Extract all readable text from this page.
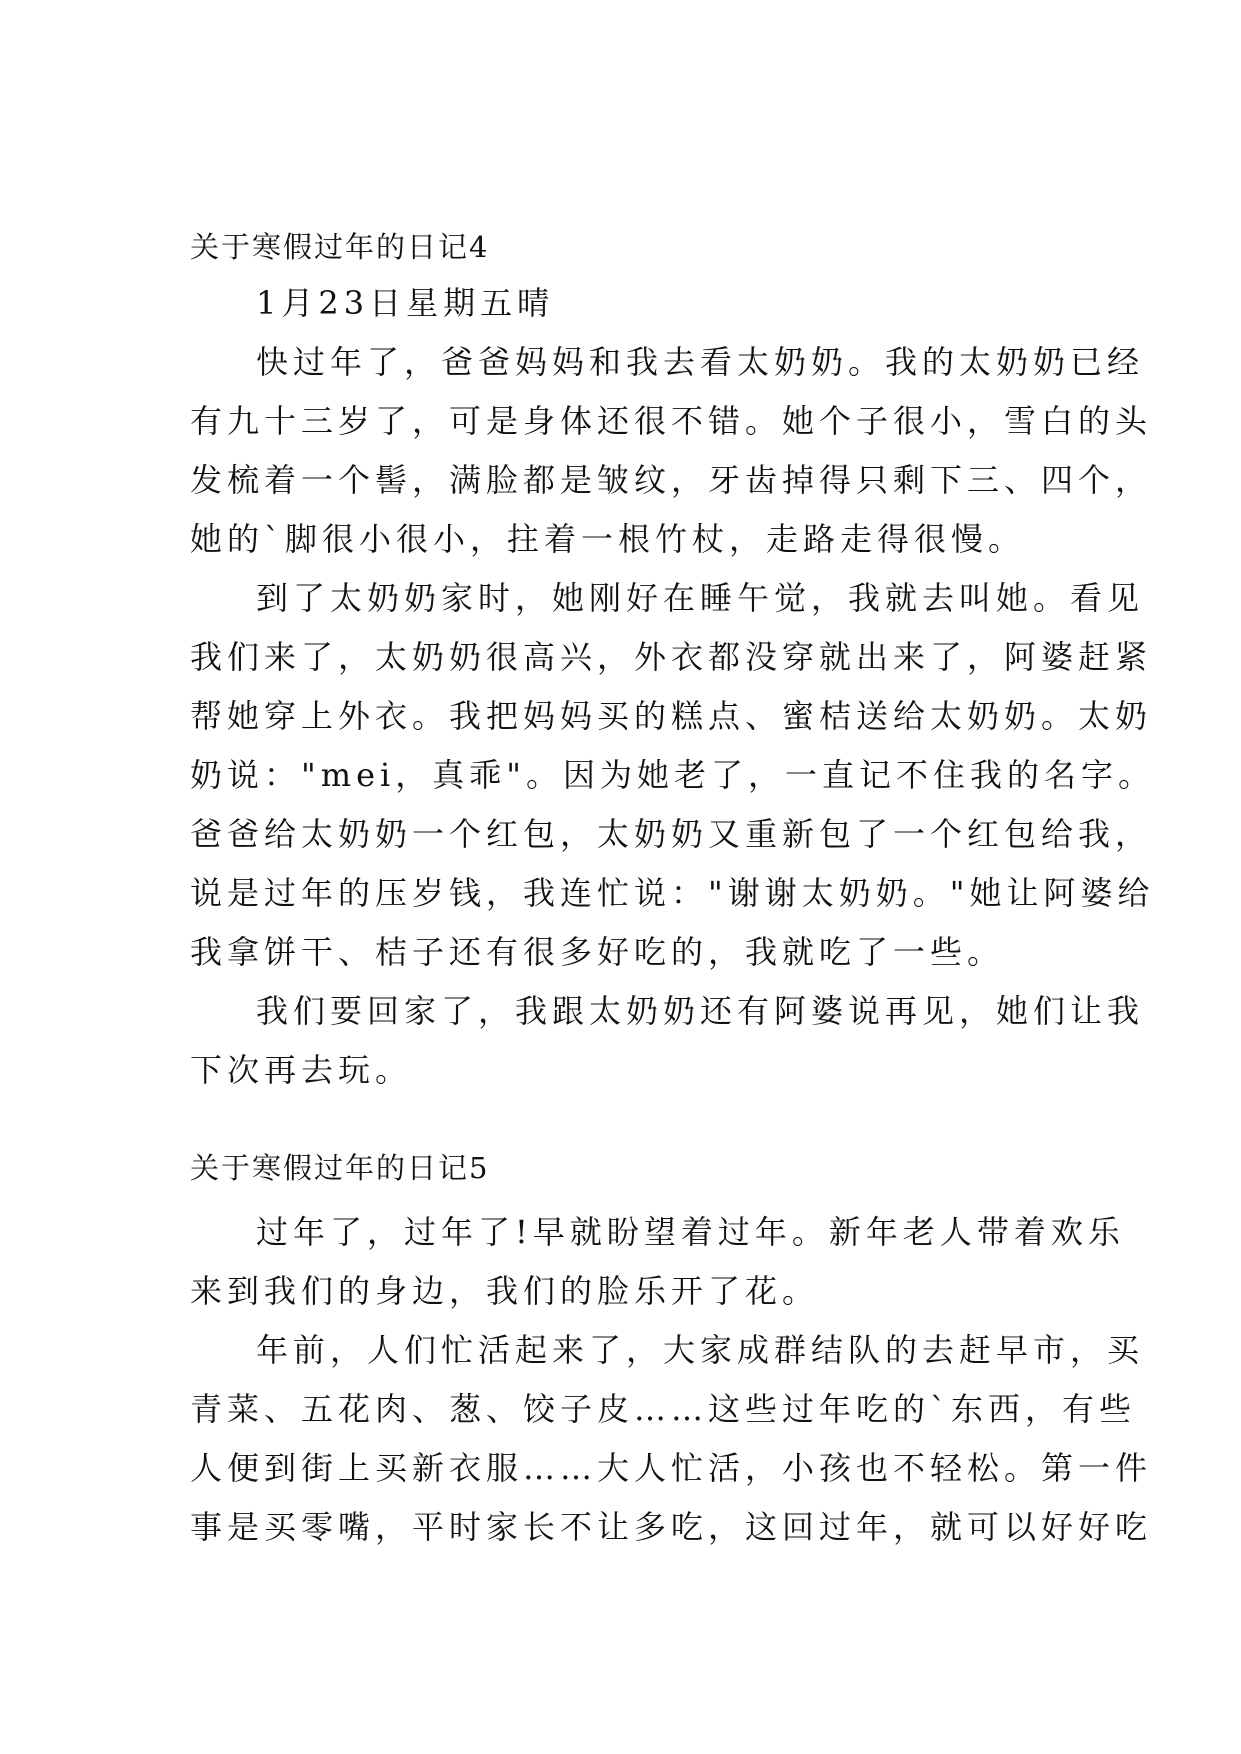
关于寒假过年的日记4
1月23日星期五晴
快过年了，爸爸妈妈和我去看太奶奶。我的太奶奶已经
有九十三岁了，可是身体还很不错。她个子很小，雪白的头
发梳着一个髻，满脸都是皱纹，牙齿掉得只剩下三、四个，
她的`脚很小很小，拄着一根竹杖，走路走得很慢。
到了太奶奶家时，她刚好在睡午觉，我就去叫她。看见
我们来了，太奶奶很高兴，外衣都没穿就出来了，阿婆赶紧
帮她穿上外衣。我把妈妈买的糕点、蜜桔送给太奶奶。太奶
奶说："mei，真乖"。因为她老了，一直记不住我的名字。
爸爸给太奶奶一个红包，太奶奶又重新包了一个红包给我，
说是过年的压岁钱，我连忙说："谢谢太奶奶。"她让阿婆给
我拿饼干、桔子还有很多好吃的，我就吃了一些。
我们要回家了，我跟太奶奶还有阿婆说再见，她们让我
下次再去玩。
关于寒假过年的日记5
过年了，过年了!早就盼望着过年。新年老人带着欢乐
来到我们的身边，我们的脸乐开了花。
年前，人们忙活起来了，大家成群结队的去赶早市，买
青菜、五花肉、葱、饺子皮……这些过年吃的`东西，有些
人便到街上买新衣服……大人忙活，小孩也不轻松。第一件
事是买零嘴，平时家长不让多吃，这回过年，就可以好好吃
